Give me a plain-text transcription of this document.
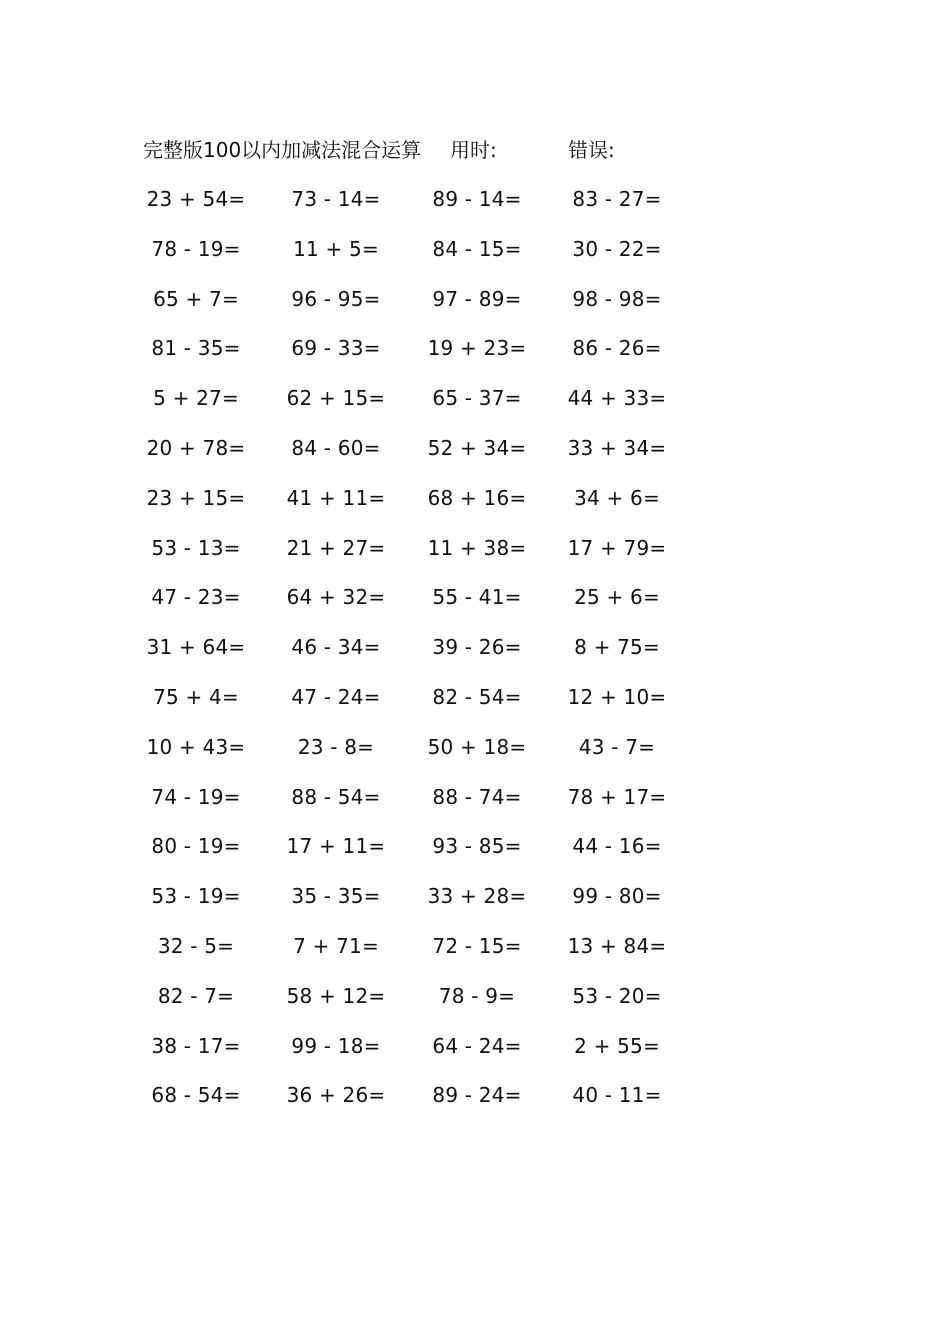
完整版100以内加减法混合运算 用时:	错误:
23 + 54=	73 - 14=	89 - 14=	83 - 27=
78 - 19=	11 + 5=	84 - 15=	30 - 22=
65 + 7=	96 - 95=	97 - 89=	98 - 98=
81 - 35=	69 - 33=	19 + 23=	86 - 26=
5 + 27=	62 + 15=	65 - 37=	44 + 33=
20 + 78=	84 - 60=	52 + 34=	33 + 34=
23 + 15=	41 + 11=	68 + 16=	34 + 6=
53 - 13=	21 + 27=	11 + 38=	17 + 79=
47 - 23=	64 + 32=	55 - 41=	25 + 6=
31 + 64=	46 - 34=	39 - 26=	8 + 75=
75 + 4=	47 - 24=	82 - 54=	12 + 10=
10 + 43=	23 - 8=	50 + 18=	43 - 7=
74 - 19=	88 - 54=	88 - 74=	78 + 17=
80 - 19=	17 + 11=	93 - 85=	44 - 16=
53 - 19=	35 - 35=	33 + 28=	99 - 80=
32 - 5=	7 + 71=	72 - 15=	13 + 84=
82 - 7=	58 + 12=	78 - 9=	53 - 20=
38 - 17=	99 - 18=	64 - 24=	2 + 55=
68 - 54=	36 + 26=	89 - 24=	40 - 11=
